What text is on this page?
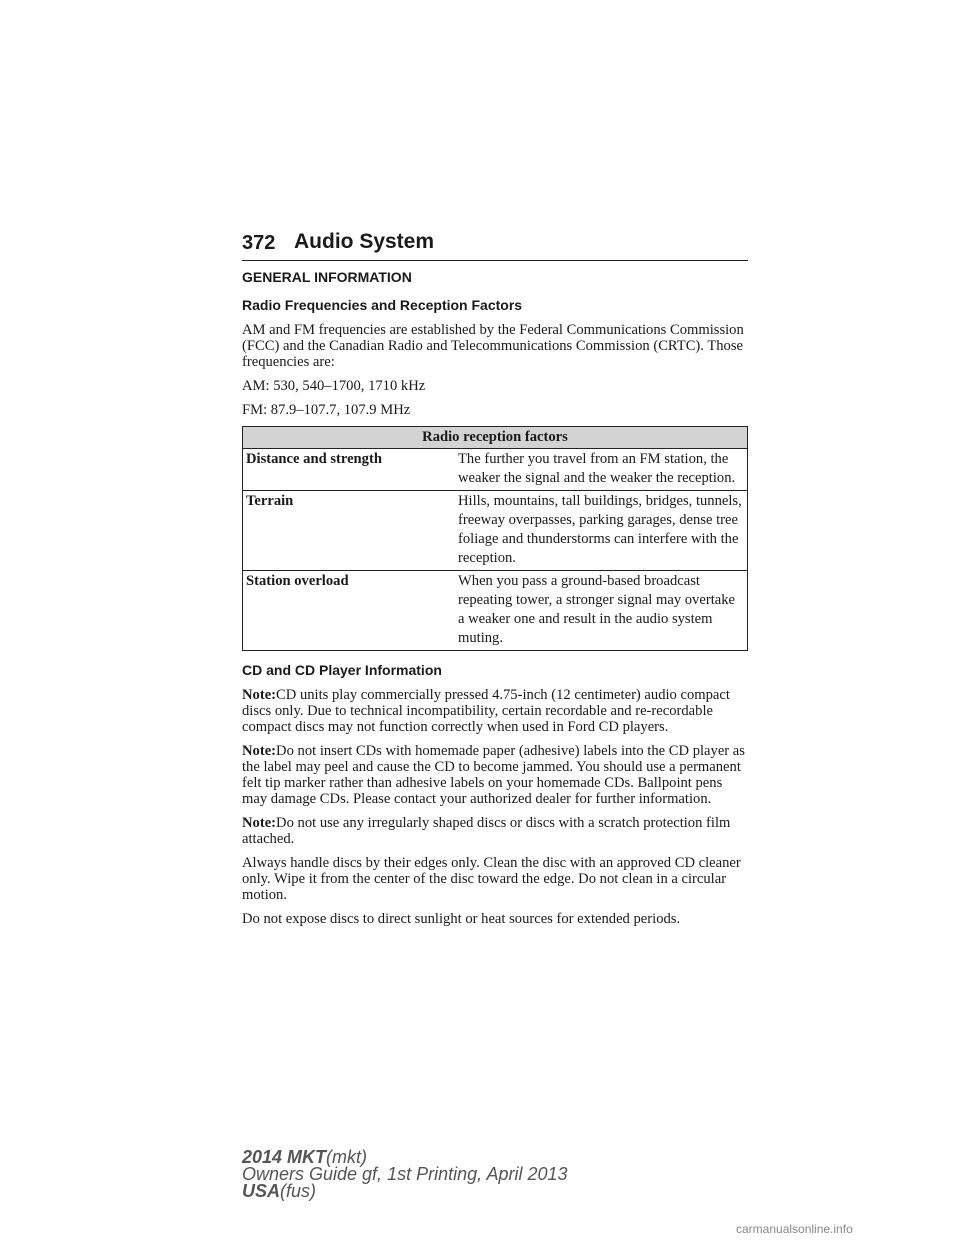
372 Audio System
GENERAL INFORMATION
Radio Frequencies and Reception Factors

AM and FM frequencies are established by the Federal Communications Commission (FCC) and the Canadian Radio and Telecommunications Commission (CRTC). Those frequencies are:

AM: 530, 540–1700, 1710 kHz

FM: 87.9–107.7, 107.9 MHz

Radio reception factors	
Distance and strength	The further you travel from an FM station, the weaker the signal and the weaker the reception.
Terrain	Hills, mountains, tall buildings, bridges, tunnels, freeway overpasses, parking garages, dense tree foliage and thunderstorms can interfere with the reception.
Station overload	When you pass a ground-based broadcast repeating tower, a stronger signal may overtake a weaker one and result in the audio system muting.
CD and CD Player Information

Note:CD units play commercially pressed 4.75-inch (12 centimeter) audio compact discs only. Due to technical incompatibility, certain recordable and re-recordable compact discs may not function correctly when used in Ford CD players.

Note:Do not insert CDs with homemade paper (adhesive) labels into the CD player as the label may peel and cause the CD to become jammed. You should use a permanent felt tip marker rather than adhesive labels on your homemade CDs. Ballpoint pens may damage CDs. Please contact your authorized dealer for further information.

Note:Do not use any irregularly shaped discs or discs with a scratch protection film attached.

Always handle discs by their edges only. Clean the disc with an approved CD cleaner only. Wipe it from the center of the disc toward the edge. Do not clean in a circular motion.

Do not expose discs to direct sunlight or heat sources for extended periods.

2014 MKT(mkt)
Owners Guide gf, 1st Printing, April 2013
USA(fus)
carmanualsonline.info
